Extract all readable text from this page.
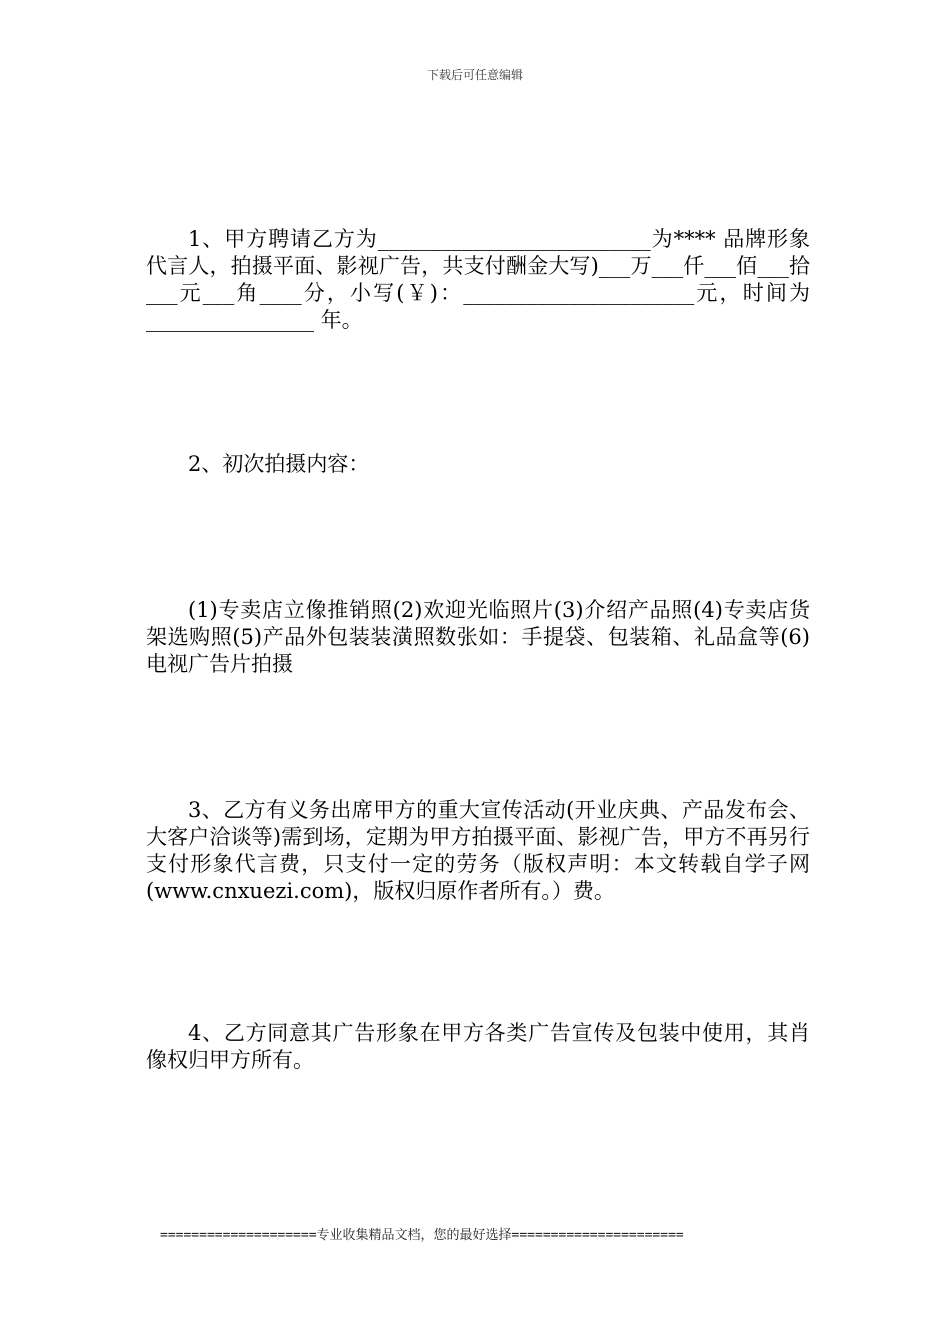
下载后可任意编辑

1、甲方聘请乙方为__________________________为**** 品牌形象代言人，拍摄平面、影视广告，共支付酬金大写)___万___仟___佰___拾___元___角____分，小写(￥)：______________________元，时间为________________ 年。

2、初次拍摄内容：

(1)专卖店立像推销照(2)欢迎光临照片(3)介绍产品照(4)专卖店货架选购照(5)产品外包装装潢照数张如：手提袋、包装箱、礼品盒等(6)电视广告片拍摄

3、乙方有义务出席甲方的重大宣传活动(开业庆典、产品发布会、大客户洽谈等)需到场，定期为甲方拍摄平面、影视广告，甲方不再另行支付形象代言费，只支付一定的劳务（版权声明：本文转载自学子网(www.cnxuezi.com)，版权归原作者所有。）费。

4、乙方同意其广告形象在甲方各类广告宣传及包装中使用，其肖像权归甲方所有。

====================专业收集精品文档，您的最好选择======================
